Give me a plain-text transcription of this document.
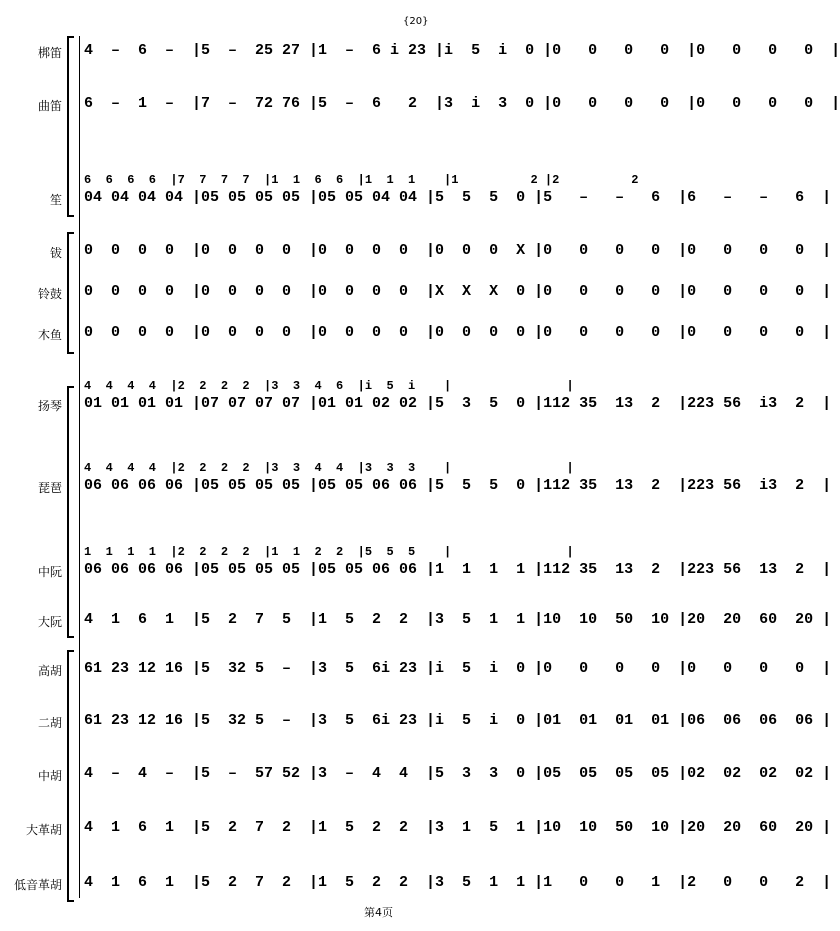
{20}
梆笛 4  –  6  –  |5  –  25 27 |1  –  6 i 23 |i  5  i  0 |0   0   0   0  |0   0   0   0  |
曲笛 6  –  1  –  |7  –  72 76 |5  –  6   2  |3  i  3  0 |0   0   0   0  |0   0   0   0  |
笙
6  6  6  6  |7  7  7  7  |1  1  6  6  |1  1  1    |1          2 |2          2
04 04 04 04 |05 05 05 05 |05 05 04 04 |5  5  5  0 |5   –   –   6  |6   –   –   6  |
钹 0  0  0  0  |0  0  0  0  |0  0  0  0  |0  0  0  X |0   0   0   0  |0   0   0   0  |
铃鼓 0  0  0  0  |0  0  0  0  |0  0  0  0  |X  X  X  0 |0   0   0   0  |0   0   0   0  |
木鱼 0  0  0  0  |0  0  0  0  |0  0  0  0  |0  0  0  0 |0   0   0   0  |0   0   0   0  |
扬琴
4  4  4  4  |2  2  2  2  |3  3  4  6  |i  5  i    |                |
01 01 01 01 |07 07 07 07 |01 01 02 02 |5  3  5  0 |112 35  13  2  |223 56  i3  2  |
琵琶
4  4  4  4  |2  2  2  2  |3  3  4  4  |3  3  3    |                |
06 06 06 06 |05 05 05 05 |05 05 06 06 |5  5  5  0 |112 35  13  2  |223 56  i3  2  |
中阮
1  1  1  1  |2  2  2  2  |1  1  2  2  |5  5  5    |                |
06 06 06 06 |05 05 05 05 |05 05 06 06 |1  1  1  1 |112 35  13  2  |223 56  13  2  |
大阮 4  1  6  1  |5  2  7  5  |1  5  2  2  |3  5  1  1 |10  10  50  10 |20  20  60  20 |
高胡 61 23 12 16 |5  32 5  –  |3  5  6i 23 |i  5  i  0 |0   0   0   0  |0   0   0   0  |
二胡 61 23 12 16 |5  32 5  –  |3  5  6i 23 |i  5  i  0 |01  01  01  01 |06  06  06  06 |
中胡 4  –  4  –  |5  –  57 52 |3  –  4  4  |5  3  3  0 |05  05  05  05 |02  02  02  02 |
大革胡 4  1  6  1  |5  2  7  2  |1  5  2  2  |3  1  5  1 |10  10  50  10 |20  20  60  20 |
低音革胡 4  1  6  1  |5  2  7  2  |1  5  2  2  |3  5  1  1 |1   0   0   1  |2   0   0   2  |
第4页
